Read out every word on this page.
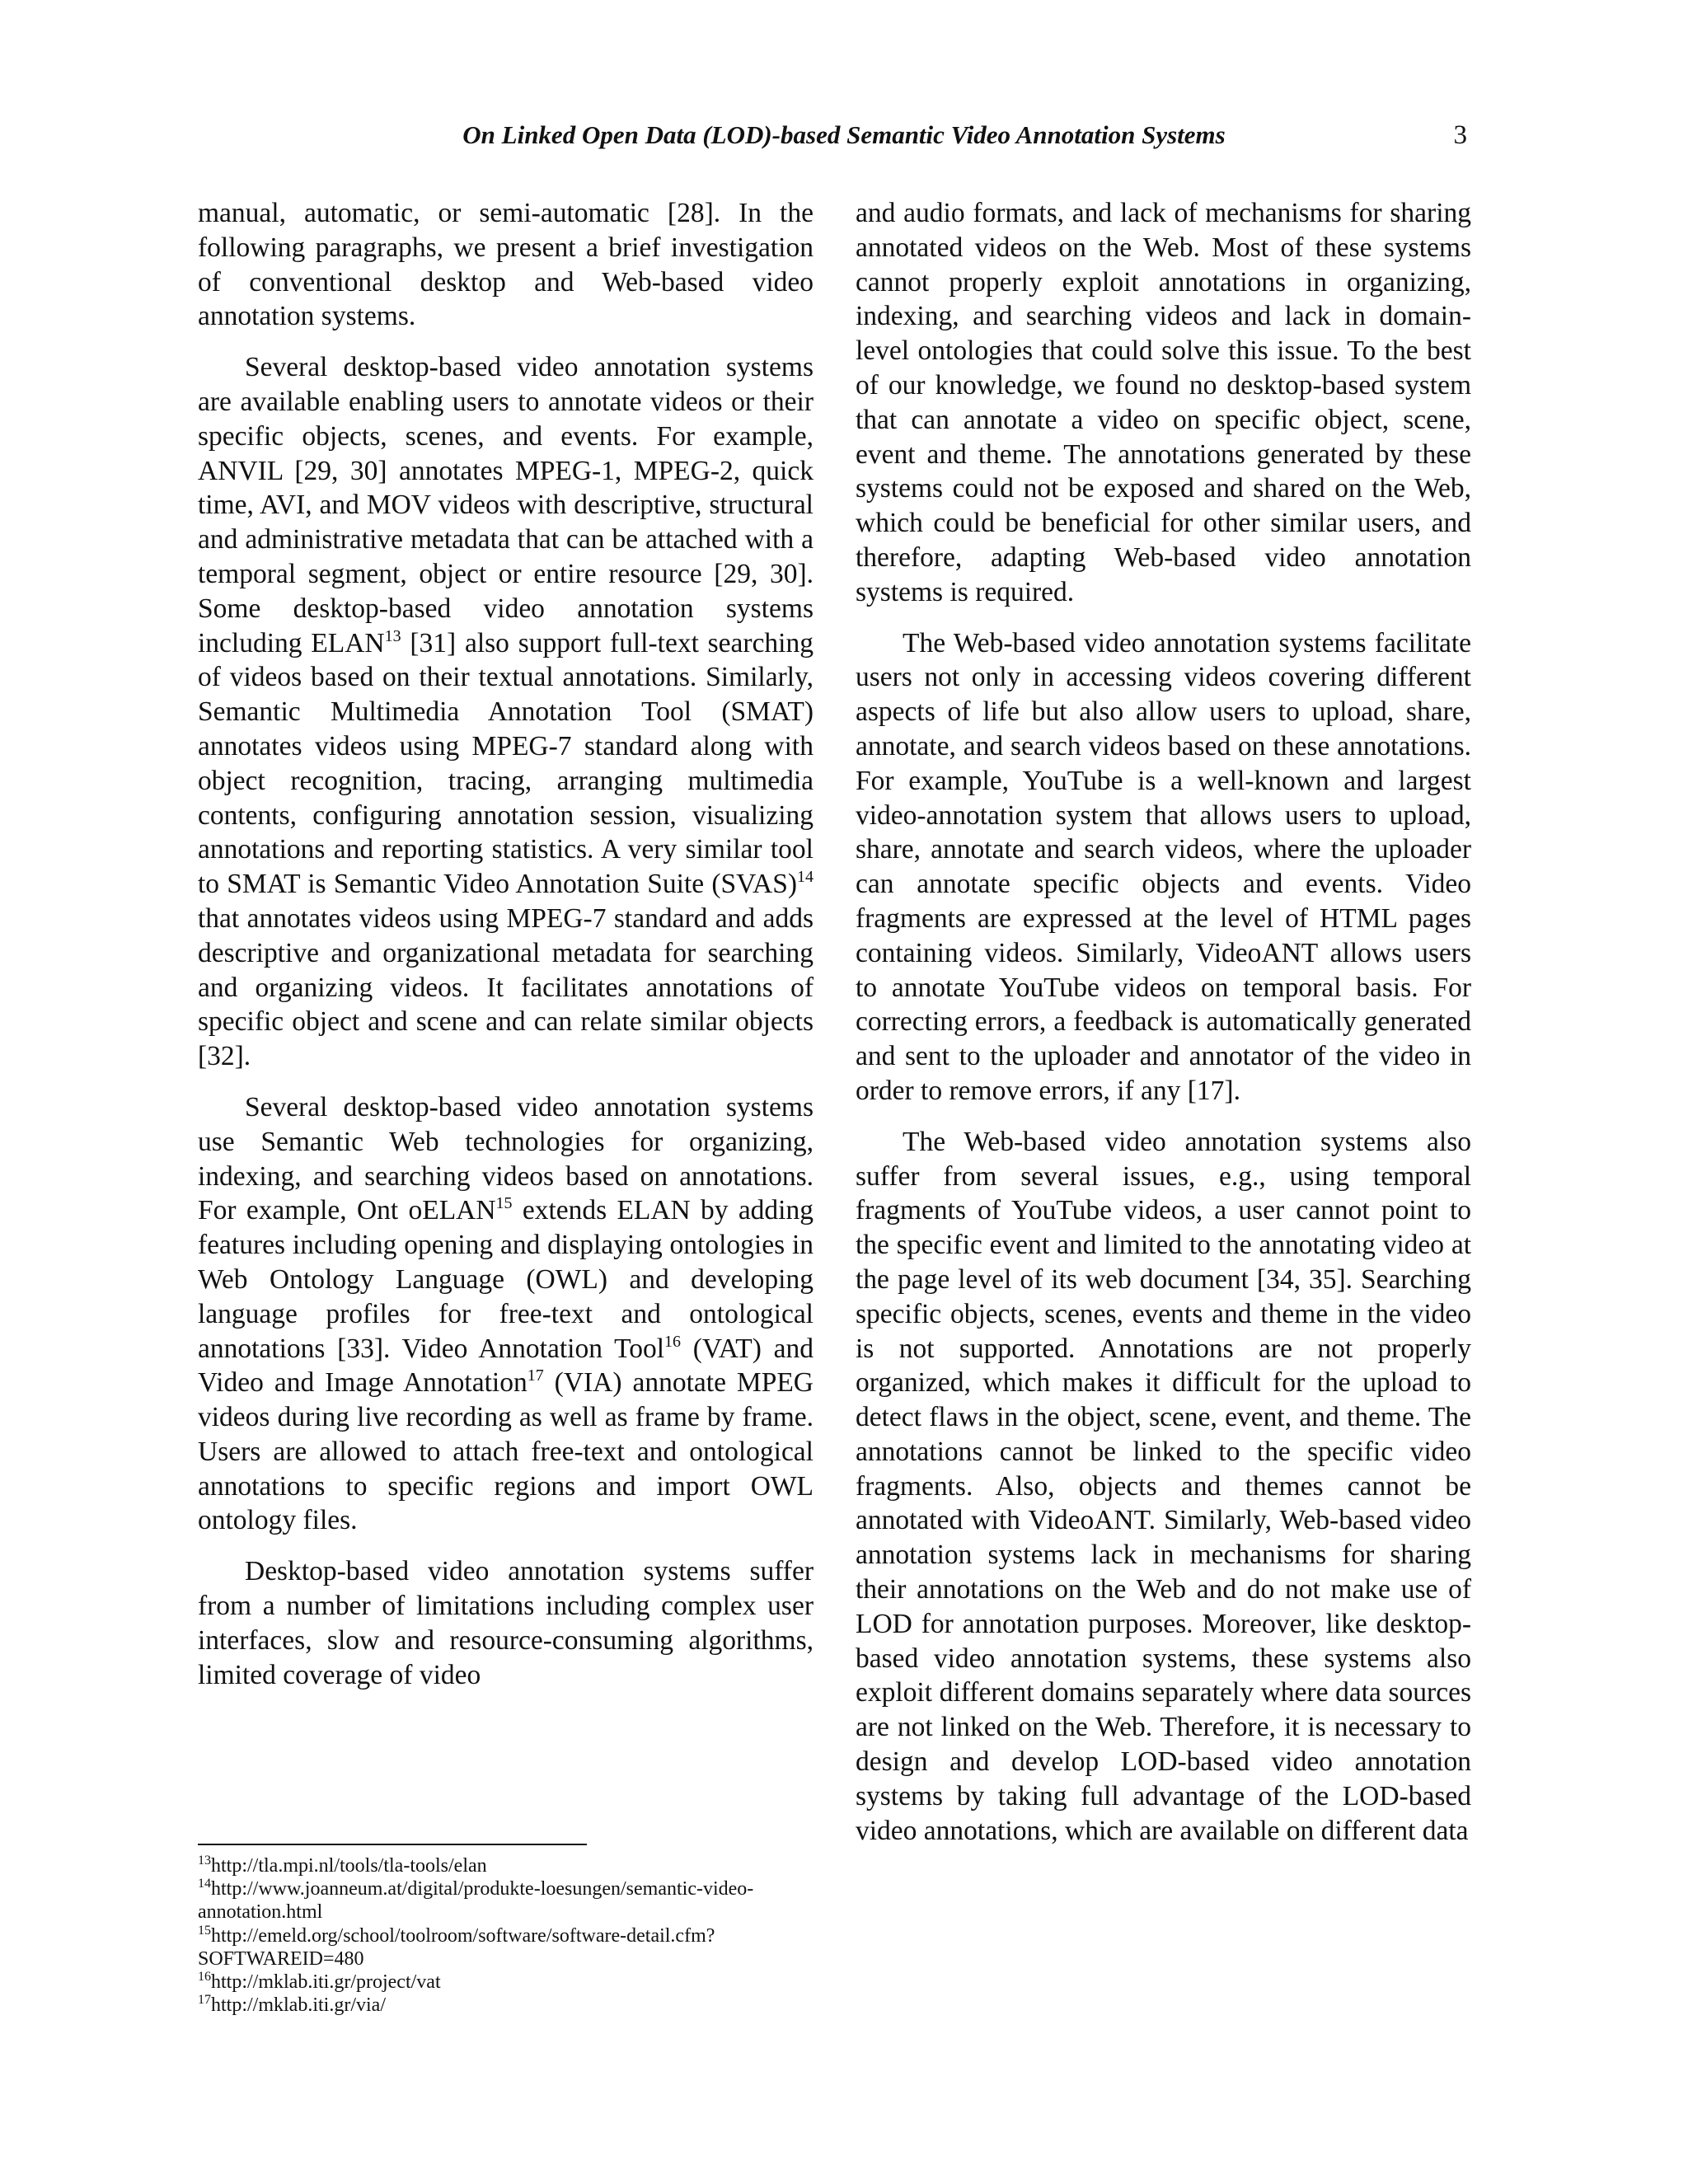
On Linked Open Data (LOD)-based Semantic Video Annotation Systems	3

manual, automatic, or semi-automatic [28]. In the following paragraphs, we present a brief investigation of conventional desktop and Web-based video annotation systems.

Several desktop-based video annotation systems are available enabling users to annotate videos or their specific objects, scenes, and events. For example, ANVIL [29, 30] annotates MPEG-1, MPEG-2, quick time, AVI, and MOV videos with descriptive, structural and administrative metadata that can be attached with a temporal segment, object or entire resource [29, 30]. Some desktop-based video annotation systems including ELAN$^{13}$ [31] also support full-text searching of videos based on their textual annotations. Similarly, Semantic Multimedia Annotation Tool (SMAT) annotates videos using MPEG-7 standard along with object recognition, tracing, arranging multimedia contents, configuring annotation session, visualizing annotations and reporting statistics. A very similar tool to SMAT is Semantic Video Annotation Suite (SVAS)$^{14}$ that annotates videos using MPEG-7 standard and adds descriptive and organizational metadata for searching and organizing videos. It facilitates annotations of specific object and scene and can relate similar objects [32].

Several desktop-based video annotation systems use Semantic Web technologies for organizing, indexing, and searching videos based on annotations. For example, Ont oELAN$^{15}$ extends ELAN by adding features including opening and displaying ontologies in Web Ontology Language (OWL) and developing language profiles for free-text and ontological annotations [33]. Video Annotation Tool$^{16}$ (VAT) and Video and Image Annotation$^{17}$ (VIA) annotate MPEG videos during live recording as well as frame by frame. Users are allowed to attach free-text and ontological annotations to specific regions and import OWL ontology files.

Desktop-based video annotation systems suffer from a number of limitations including complex user interfaces, slow and resource-consuming algorithms, limited coverage of video

and audio formats, and lack of mechanisms for sharing annotated videos on the Web. Most of these systems cannot properly exploit annotations in organizing, indexing, and searching videos and lack in domain-level ontologies that could solve this issue. To the best of our knowledge, we found no desktop-based system that can annotate a video on specific object, scene, event and theme. The annotations generated by these systems could not be exposed and shared on the Web, which could be beneficial for other similar users, and therefore, adapting Web-based video annotation systems is required.

The Web-based video annotation systems facilitate users not only in accessing videos covering different aspects of life but also allow users to upload, share, annotate, and search videos based on these annotations. For example, YouTube is a well-known and largest video-annotation system that allows users to upload, share, annotate and search videos, where the uploader can annotate specific objects and events. Video fragments are expressed at the level of HTML pages containing videos. Similarly, VideoANT allows users to annotate YouTube videos on temporal basis. For correcting errors, a feedback is automatically generated and sent to the uploader and annotator of the video in order to remove errors, if any [17].

The Web-based video annotation systems also suffer from several issues, e.g., using temporal fragments of YouTube videos, a user cannot point to the specific event and limited to the annotating video at the page level of its web document [34, 35]. Searching specific objects, scenes, events and theme in the video is not supported. Annotations are not properly organized, which makes it difficult for the upload to detect flaws in the object, scene, event, and theme. The annotations cannot be linked to the specific video fragments. Also, objects and themes cannot be annotated with VideoANT. Similarly, Web-based video annotation systems lack in mechanisms for sharing their annotations on the Web and do not make use of LOD for annotation purposes. Moreover, like desktop-based video annotation systems, these systems also exploit different domains separately where data sources are not linked on the Web. Therefore, it is necessary to design and develop LOD-based video annotation systems by taking full advantage of the LOD-based video annotations, which are available on different data

$^{13}$http://tla.mpi.nl/tools/tla-tools/elan
$^{14}$http://www.joanneum.at/digital/produkte-loesungen/semantic-video-annotation.html
$^{15}$http://emeld.org/school/toolroom/software/software-detail.cfm?SOFTWAREID=480
$^{16}$http://mklab.iti.gr/project/vat
$^{17}$http://mklab.iti.gr/via/
